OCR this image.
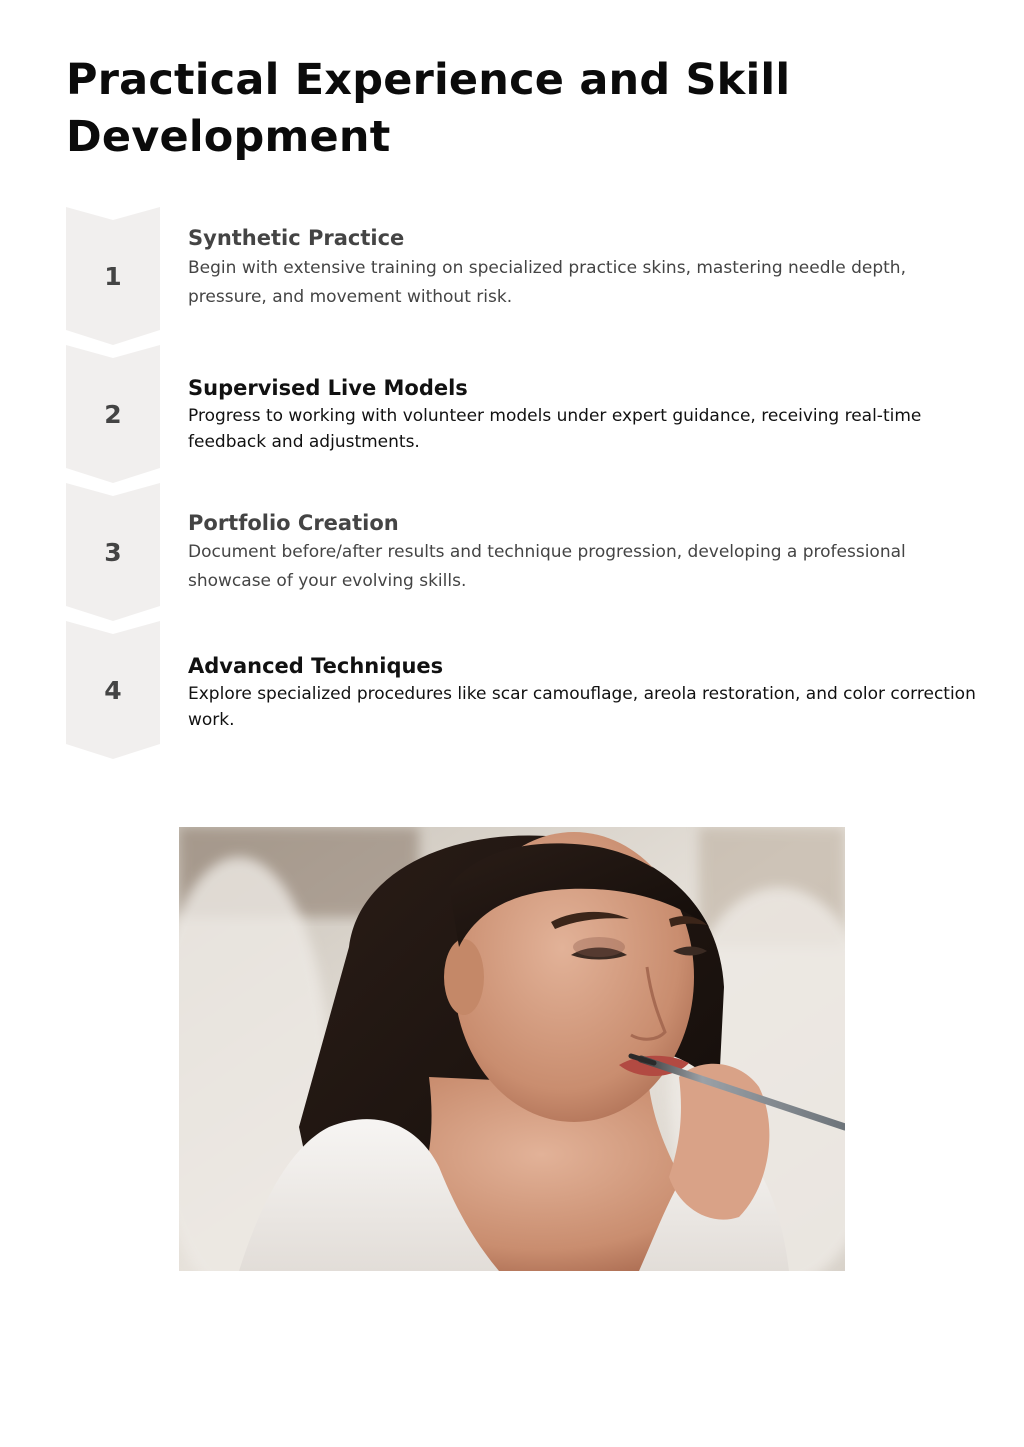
Practical Experience and Skill Development
1
Synthetic Practice

Begin with extensive training on specialized practice skins, mastering needle depth, pressure, and movement without risk.

2
Supervised Live Models

Progress to working with volunteer models under expert guidance, receiving real-time feedback and adjustments.

3
Portfolio Creation

Document before/after results and technique progression, developing a professional showcase of your evolving skills.

4
Advanced Techniques

Explore specialized procedures like scar camouflage, areola restoration, and color correction work.
